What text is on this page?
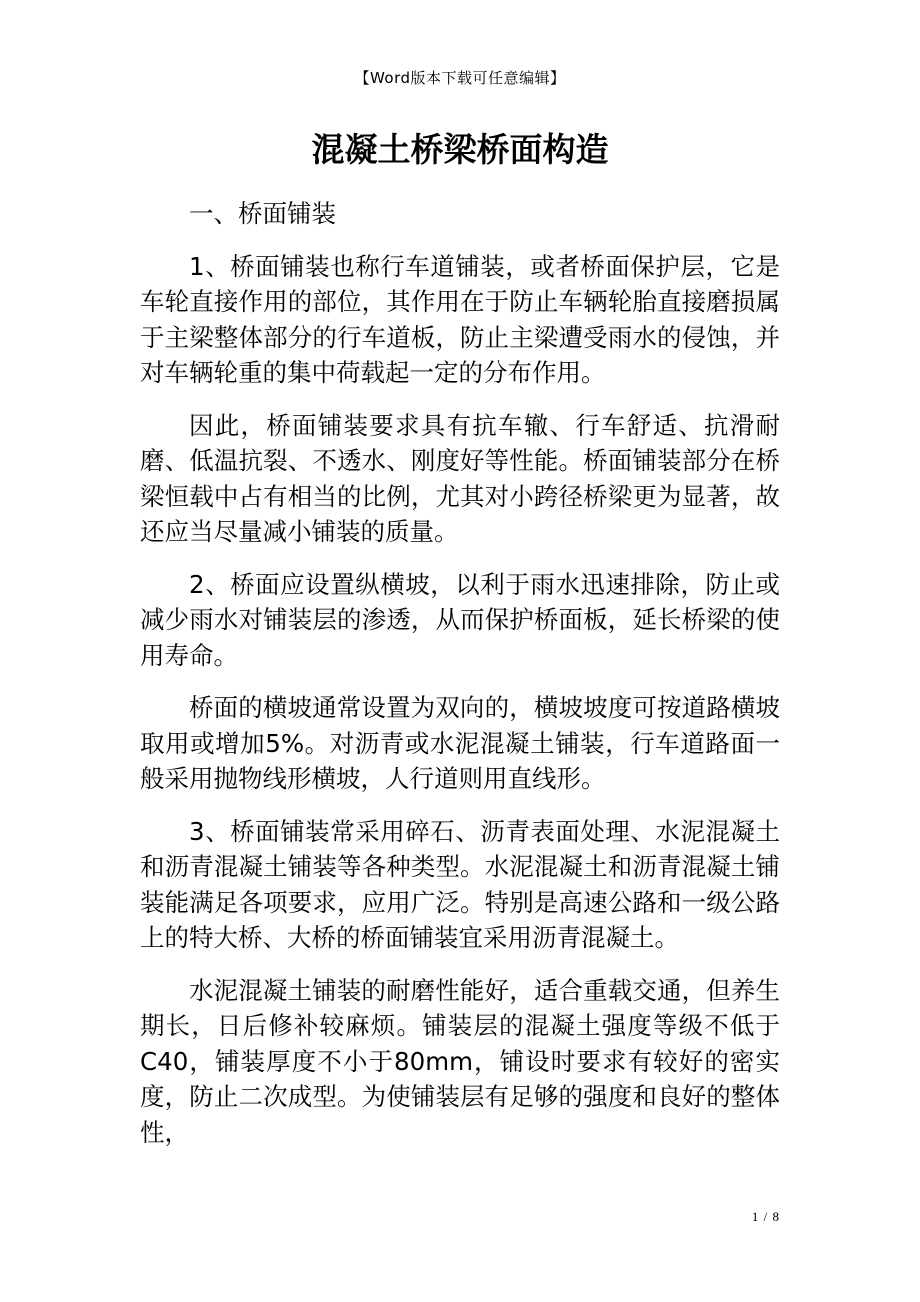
【Word版本下载可任意编辑】
混凝土桥梁桥面构造

一、桥面铺装

1、桥面铺装也称行车道铺装，或者桥面保护层，它是车轮直接作用的部位，其作用在于防止车辆轮胎直接磨损属于主梁整体部分的行车道板，防止主梁遭受雨水的侵蚀，并对车辆轮重的集中荷载起一定的分布作用。

因此，桥面铺装要求具有抗车辙、行车舒适、抗滑耐磨、低温抗裂、不透水、刚度好等性能。桥面铺装部分在桥梁恒载中占有相当的比例，尤其对小跨径桥梁更为显著，故还应当尽量减小铺装的质量。

2、桥面应设置纵横坡，以利于雨水迅速排除，防止或减少雨水对铺装层的渗透，从而保护桥面板，延长桥梁的使用寿命。

桥面的横坡通常设置为双向的，横坡坡度可按道路横坡取用或增加5%。对沥青或水泥混凝土铺装，行车道路面一般采用抛物线形横坡，人行道则用直线形。

3、桥面铺装常采用碎石、沥青表面处理、水泥混凝土和沥青混凝土铺装等各种类型。水泥混凝土和沥青混凝土铺装能满足各项要求，应用广泛。特别是高速公路和一级公路上的特大桥、大桥的桥面铺装宜采用沥青混凝土。

水泥混凝土铺装的耐磨性能好，适合重载交通，但养生期长，日后修补较麻烦。铺装层的混凝土强度等级不低于C40，铺装厚度不小于80mm，铺设时要求有较好的密实度，防止二次成型。为使铺装层有足够的强度和良好的整体性，

1 / 8
